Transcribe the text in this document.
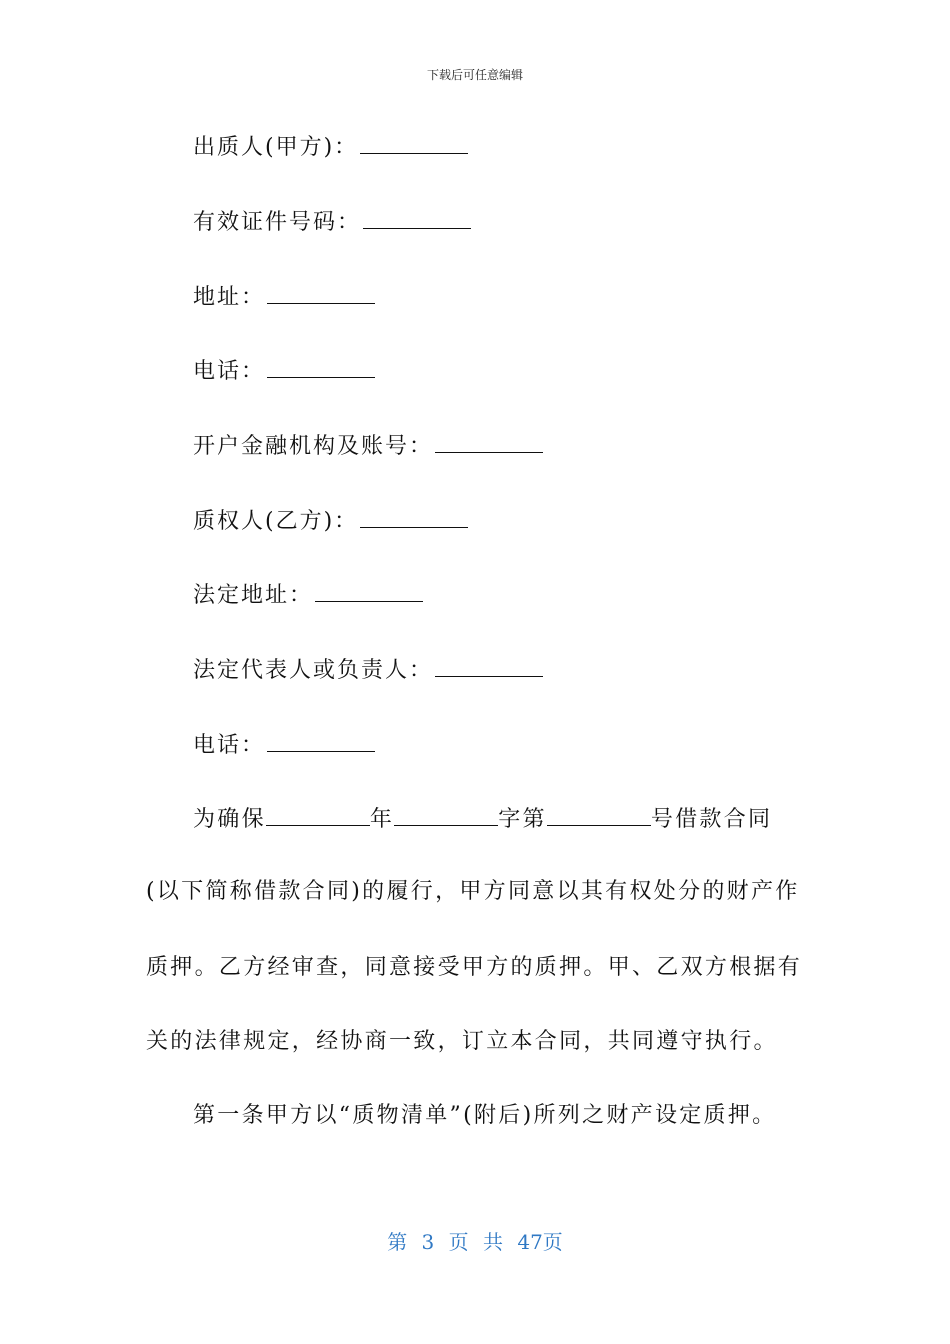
下载后可任意编辑
出质人(甲方)：
有效证件号码：
地址：
电话：
开户金融机构及账号：
质权人(乙方)：
法定地址：
法定代表人或负责人：
电话：
为确保	年	字第	号借款合同
(以下简称借款合同)的履行，甲方同意以其有权处分的财产作
质押。乙方经审查，同意接受甲方的质押。甲、乙双方根据有
关的法律规定，经协商一致，订立本合同，共同遵守执行。
第一条甲方以“质物清单”(附后)所列之财产设定质押。
第 3 页 共 47页
